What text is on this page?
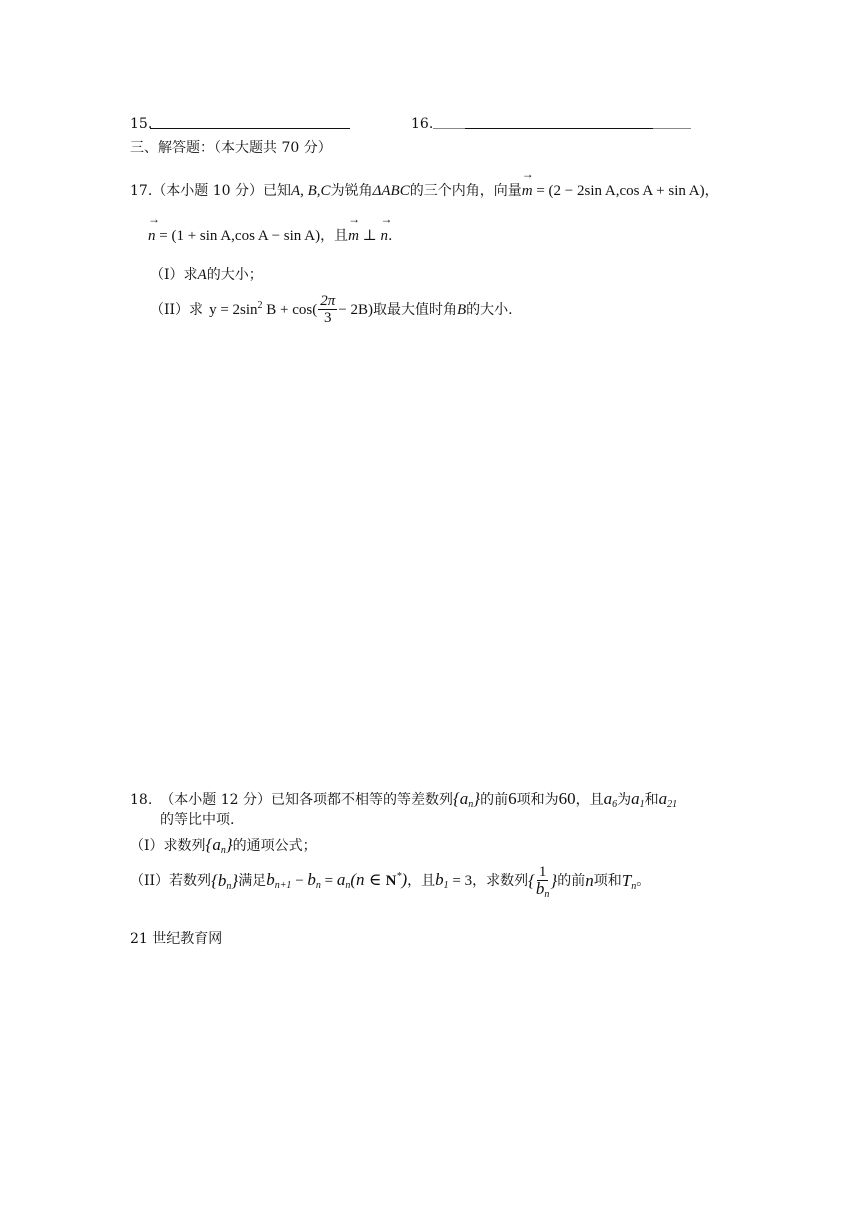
15.	16.
三、解答题：（本大题共 70 分）
17.（本小题 10 分）已知A, B,C为锐角ΔABC的三个内角，向量→ m = (2 − 2sin A,cos A + sin A)，
→ n = (1 + sin A,cos A − sin A)，且→ m ⊥ → n.
（I）求A的大小；
（II）求 $y = 2\sin^2$ $B + \cos( \frac{2\pi}{3} - 2B)$ 取最大值时角 B 的大小.
18. （本小题 12 分）已知各项都不相等的等差数列$\{a_n\}$的前6项和为60，且$a_6$为$a_1$和$a_{21}$
的等比中项.
（I）求数列$\{a_n\}$的通项公式；
（II）若数列 $\{b_n\}$ 满足 $b_{n+1} - b_n = a_n(n$ ∈ N*) ，且 $b_1 = 3$ ，求数列 { $\frac{1}{b_n}$ } 的前 n 项和 $T_n$ 。
21 世纪教育网
